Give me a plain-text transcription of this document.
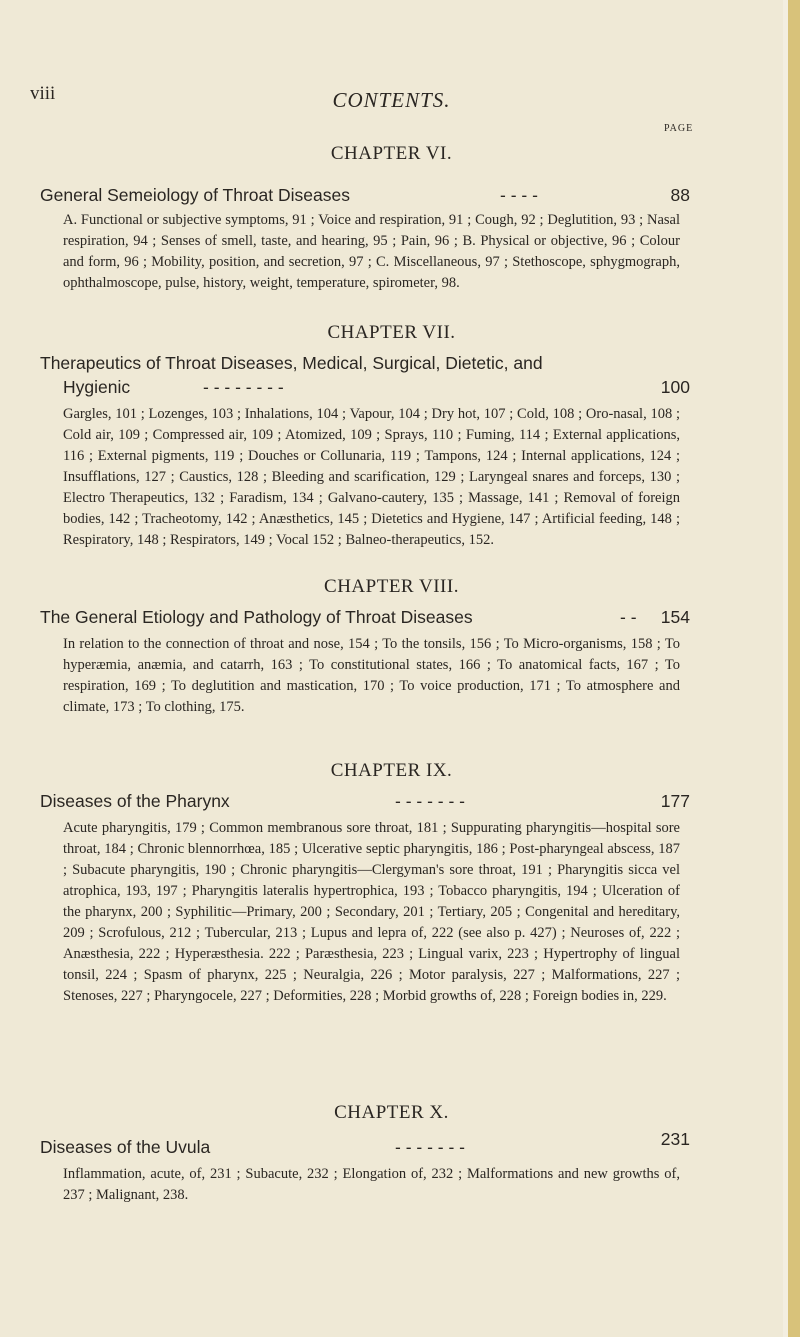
viii	CONTENTS.
PAGE
CHAPTER VI.
General Semeiology of Throat Diseases	- - - -	88
A. Functional or subjective symptoms, 91 ; Voice and respiration, 91 ; Cough, 92 ; Deglutition, 93 ; Nasal respiration, 94 ; Senses of smell, taste, and hearing, 95 ; Pain, 96 ; B. Physical or objective, 96 ; Colour and form, 96 ; Mobility, position, and secretion, 97 ; C. Miscellaneous, 97 ; Stethoscope, sphygmograph, ophthalmoscope, pulse, history, weight, temperature, spirometer, 98.
CHAPTER VII.
Therapeutics of Throat Diseases, Medical, Surgical, Dietetic, and
Hygienic	- - - - - - - -	100
Gargles, 101 ; Lozenges, 103 ; Inhalations, 104 ; Vapour, 104 ; Dry hot, 107 ; Cold, 108 ; Oro-nasal, 108 ; Cold air, 109 ; Compressed air, 109 ; Atomized, 109 ; Sprays, 110 ; Fuming, 114 ; External applications, 116 ; External pigments, 119 ; Douches or Collunaria, 119 ; Tampons, 124 ; Internal applications, 124 ; Insufflations, 127 ; Caustics, 128 ; Bleeding and scarification, 129 ; Laryngeal snares and forceps, 130 ; Electro Therapeutics, 132 ; Faradism, 134 ; Galvano-cautery, 135 ; Massage, 141 ; Removal of foreign bodies, 142 ; Tracheotomy, 142 ; Anæsthetics, 145 ; Dietetics and Hygiene, 147 ; Artificial feeding, 148 ; Respiratory, 148 ; Respirators, 149 ; Vocal 152 ; Balneo-therapeutics, 152.
CHAPTER VIII.
The General Etiology and Pathology of Throat Diseases	- - 154
In relation to the connection of throat and nose, 154 ; To the tonsils, 156 ; To Micro-organisms, 158 ; To hyperæmia, anæmia, and catarrh, 163 ; To constitutional states, 166 ; To anatomical facts, 167 ; To respiration, 169 ; To deglutition and mastication, 170 ; To voice production, 171 ; To atmosphere and climate, 173 ; To clothing, 175.
CHAPTER IX.
Diseases of the Pharynx	- - - - - - -	177
Acute pharyngitis, 179 ; Common membranous sore throat, 181 ; Suppurating pharyngitis—hospital sore throat, 184 ; Chronic blennorrhœa, 185 ; Ulcerative septic pharyngitis, 186 ; Post-pharyngeal abscess, 187 ; Subacute pharyngitis, 190 ; Chronic pharyngitis—Clergyman's sore throat, 191 ; Pharyngitis sicca vel atrophica, 193, 197 ; Pharyngitis lateralis hypertrophica, 193 ; Tobacco pharyngitis, 194 ; Ulceration of the pharynx, 200 ; Syphilitic—Primary, 200 ; Secondary, 201 ; Tertiary, 205 ; Congenital and hereditary, 209 ; Scrofulous, 212 ; Tubercular, 213 ; Lupus and lepra of, 222 (see also p. 427) ; Neuroses of, 222 ; Anæsthesia, 222 ; Hyperæsthesia. 222 ; Paræsthesia, 223 ; Lingual varix, 223 ; Hypertrophy of lingual tonsil, 224 ; Spasm of pharynx, 225 ; Neuralgia, 226 ; Motor paralysis, 227 ; Malformations, 227 ; Stenoses, 227 ; Pharyngocele, 227 ; Deformities, 228 ; Morbid growths of, 228 ; Foreign bodies in, 229.
CHAPTER X.
Diseases of the Uvula	- - - - - - -	231
Inflammation, acute, of, 231 ; Subacute, 232 ; Elongation of, 232 ; Malformations and new growths of, 237 ; Malignant, 238.
